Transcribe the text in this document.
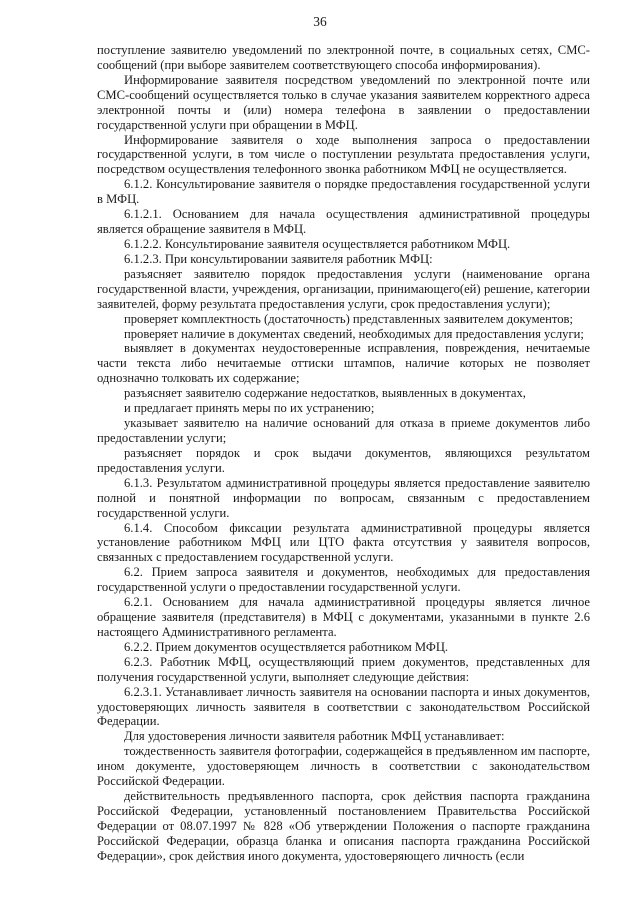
36

поступление заявителю уведомлений по электронной почте, в социальных сетях, СМС-сообщений (при выборе заявителем соответствующего способа информирования).

Информирование заявителя посредством уведомлений по электронной почте или СМС-сообщений осуществляется только в случае указания заявителем корректного адреса электронной почты и (или) номера телефона в заявлении о предоставлении государственной услуги при обращении в МФЦ.

Информирование заявителя о ходе выполнения запроса о предоставлении государственной услуги, в том числе о поступлении результата предоставления услуги, посредством осуществления телефонного звонка работником МФЦ не осуществляется.

6.1.2. Консультирование заявителя о порядке предоставления государственной услуги в МФЦ.

6.1.2.1. Основанием для начала осуществления административной процедуры является обращение заявителя в МФЦ.

6.1.2.2. Консультирование заявителя осуществляется работником МФЦ.

6.1.2.3. При консультировании заявителя работник МФЦ:

разъясняет заявителю порядок предоставления услуги (наименование органа государственной власти, учреждения, организации, принимающего(ей) решение, категории заявителей, форму результата предоставления услуги, срок предоставления услуги);

проверяет комплектность (достаточность) представленных заявителем документов;

проверяет наличие в документах сведений, необходимых для предоставления услуги;

выявляет в документах неудостоверенные исправления, повреждения, нечитаемые части текста либо нечитаемые оттиски штампов, наличие которых не позволяет однозначно толковать их содержание;

разъясняет заявителю содержание недостатков, выявленных в документах,

и предлагает принять меры по их устранению;

указывает заявителю на наличие оснований для отказа в приеме документов либо предоставлении услуги;

разъясняет порядок и срок выдачи документов, являющихся результатом предоставления услуги.

6.1.3. Результатом административной процедуры является предоставление заявителю полной и понятной информации по вопросам, связанным с предоставлением государственной услуги.

6.1.4. Способом фиксации результата административной процедуры является установление работником МФЦ или ЦТО факта отсутствия у заявителя вопросов, связанных с предоставлением государственной услуги.

6.2. Прием запроса заявителя и документов, необходимых для предоставления государственной услуги о предоставлении государственной услуги.

6.2.1. Основанием для начала административной процедуры является личное обращение заявителя (представителя) в МФЦ с документами, указанными в пункте 2.6 настоящего Административного регламента.

6.2.2. Прием документов осуществляется работником МФЦ.

6.2.3. Работник МФЦ, осуществляющий прием документов, представленных для получения государственной услуги, выполняет следующие действия:

6.2.3.1. Устанавливает личность заявителя на основании паспорта и иных документов, удостоверяющих личность заявителя в соответствии с законодательством Российской Федерации.

Для удостоверения личности заявителя работник МФЦ устанавливает:

тождественность заявителя фотографии, содержащейся в предъявленном им паспорте, ином документе, удостоверяющем личность в соответствии с законодательством Российской Федерации.

действительность предъявленного паспорта, срок действия паспорта гражданина Российской Федерации, установленный постановлением Правительства Российской Федерации от 08.07.1997 № 828 «Об утверждении Положения о паспорте гражданина Российской Федерации, образца бланка и описания паспорта гражданина Российской Федерации», срок действия иного документа, удостоверяющего личность (если
